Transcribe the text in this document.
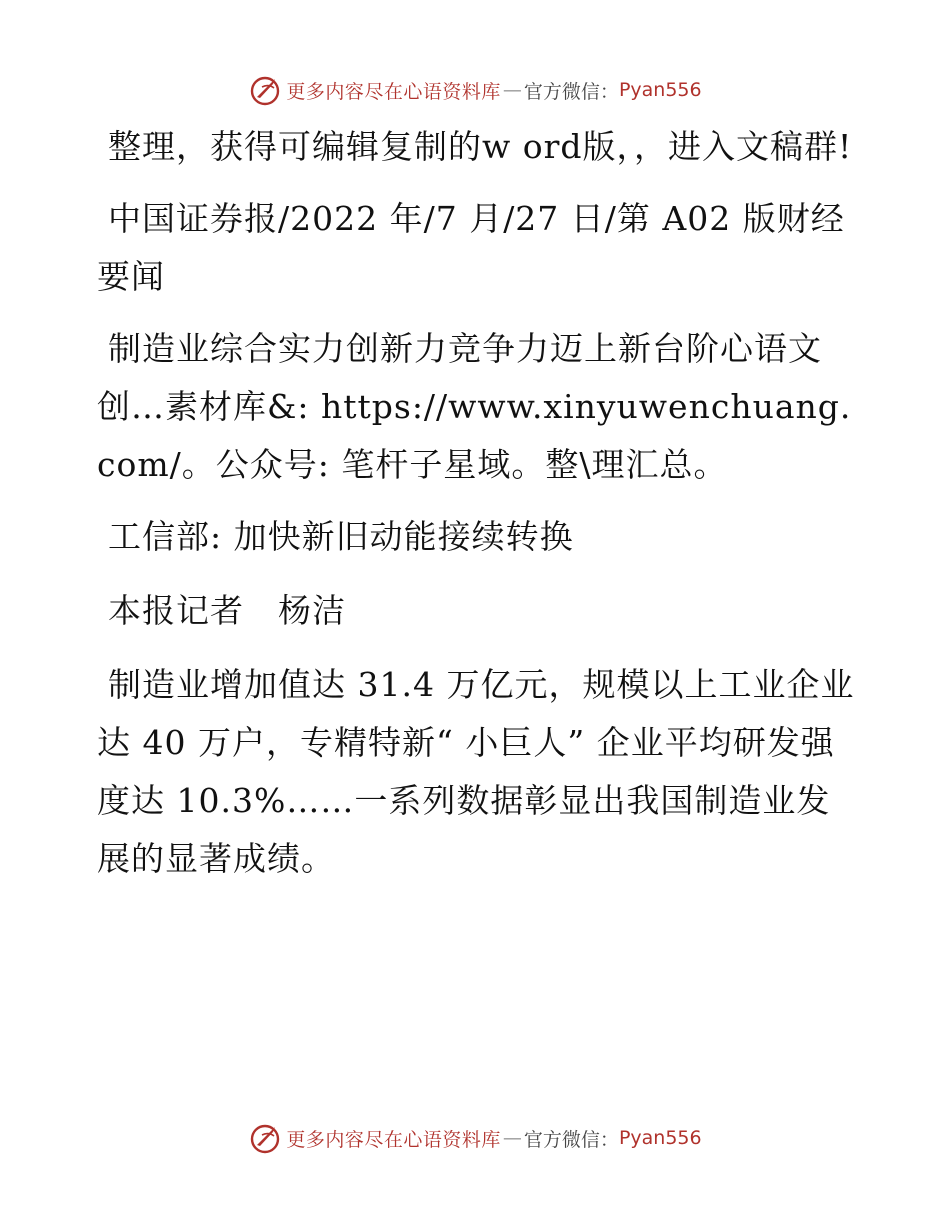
更多内容尽在心语资料库 — 官方微信： Pyan556

整理，获得可编辑复制的w ord版，，进入文稿群!

中国证券报/2022 年/7 月/27 日/第 A02 版财经要闻

制造业综合实力创新力竞争力迈上新台阶心语文创…素材库&: https://www.xinyuwenchuang.com/。公众号: 笔杆子星域。整\理汇总。

工信部: 加快新旧动能接续转换

本报记者　杨洁

制造业增加值达 31.4 万亿元，规模以上工业企业达 40 万户，专精特新“ 小巨人” 企业平均研发强度达 10.3%……一系列数据彰显出我国制造业发展的显著成绩。

更多内容尽在心语资料库 — 官方微信： Pyan556
